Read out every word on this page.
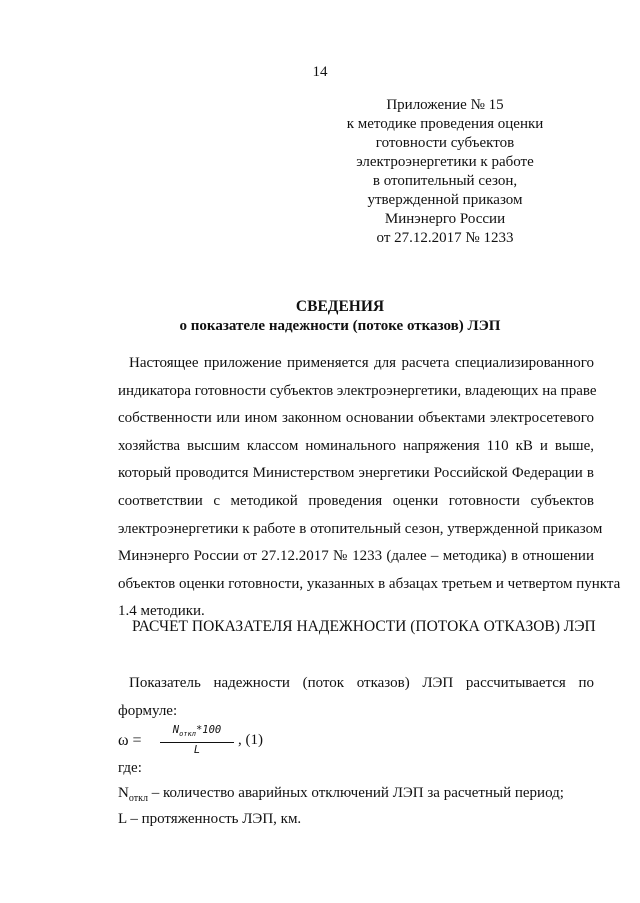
14
Приложение № 15
к методике проведения оценки
готовности субъектов
электроэнергетики к работе
в отопительный сезон,
утвержденной приказом
Минэнерго России
от 27.12.2017 № 1233
СВЕДЕНИЯ
о показателе надежности (потоке отказов) ЛЭП
Настоящее приложение применяется для расчета специализированного
индикатора готовности субъектов электроэнергетики, владеющих на праве
собственности или ином законном основании объектами электросетевого
хозяйства высшим классом номинального напряжения 110 кВ и выше,
который проводится Министерством энергетики Российской Федерации в
соответствии с методикой проведения оценки готовности субъектов
электроэнергетики к работе в отопительный сезон, утвержденной приказом
Минэнерго России от 27.12.2017 № 1233 (далее – методика) в отношении
объектов оценки готовности, указанных в абзацах третьем и четвертом пункта
1.4 методики.
РАСЧЕТ ПОКАЗАТЕЛЯ НАДЕЖНОСТИ (ПОТОКА ОТКАЗОВ) ЛЭП
Показатель надежности (поток отказов) ЛЭП рассчитывается по
формуле:
ω =
$N_{откл}*100$
L
, (1)
где:
$N_{откл}$ – количество аварийных отключений ЛЭП за расчетный период;
L – протяженность ЛЭП, км.
